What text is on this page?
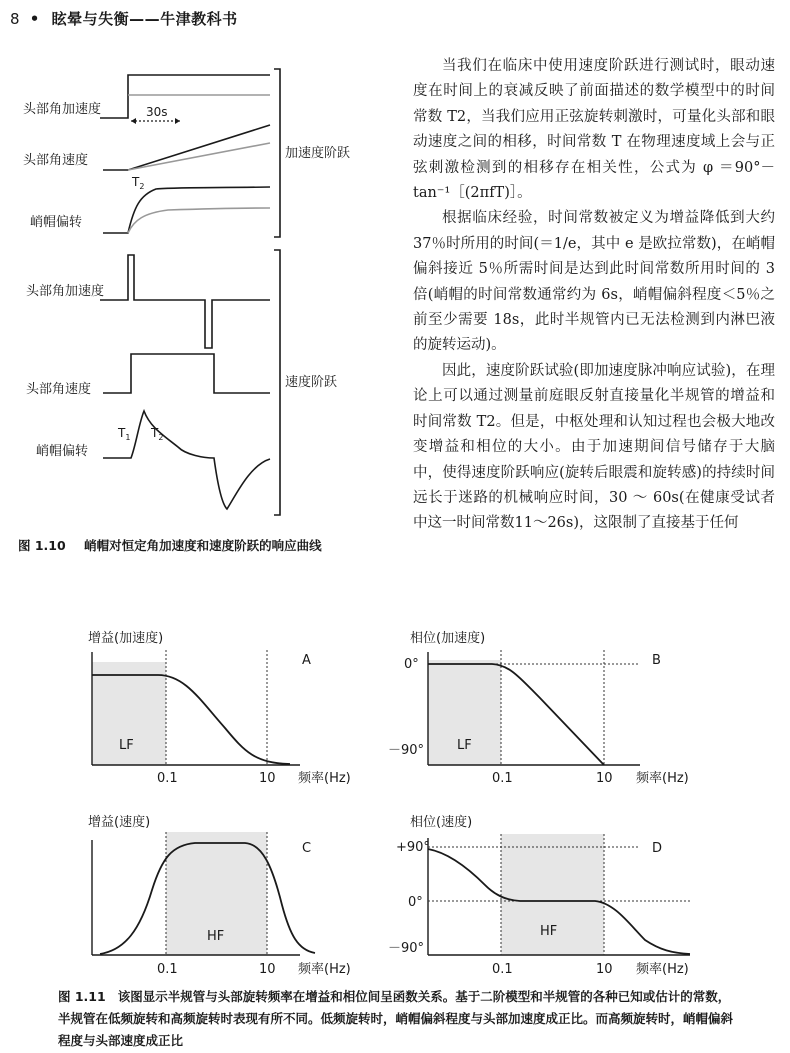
8 • 眩晕与失衡——牛津教科书
头部角加速度
头部角速度
峭帽偏转
头部角加速度
头部角速度
峭帽偏转
30s
加速度阶跃
速度阶跃
$T_2$
$T_1$ $T_2$
图 1.10 峭帽对恒定角加速度和速度阶跃的响应曲线

当我们在临床中使用速度阶跃进行测试时，眼动速度在时间上的衰减反映了前面描述的数学模型中的时间常数 T2，当我们应用正弦旋转刺激时，可量化头部和眼动速度之间的相移，时间常数 T 在物理速度域上会与正弦刺激检测到的相移存在相关性，公式为 φ ＝90°－tan⁻¹［(2πfT)］。

根据临床经验，时间常数被定义为增益降低到大约 37％时所用的时间(＝1/e，其中 e 是欧拉常数)，在峭帽偏斜接近 5％所需时间是达到此时间常数所用时间的 3 倍(峭帽的时间常数通常约为 6s，峭帽偏斜程度＜5％之前至少需要 18s，此时半规管内已无法检测到内淋巴液的旋转运动)。

因此，速度阶跃试验(即加速度脉冲响应试验)，在理论上可以通过测量前庭眼反射直接量化半规管的增益和时间常数 T2。但是，中枢处理和认知过程也会极大地改变增益和相位的大小。由于加速期间信号储存于大脑中，使得速度阶跃响应(旋转后眼震和旋转感)的持续时间远长于迷路的机械响应时间，30 ～ 60s(在健康受试者中这一时间常数11～26s)，这限制了直接基于任何

增益(加速度)
A
LF
0.1	10 频率(Hz)
相位(加速度)
B
LF
0°
－90°
0.1	10 频率(Hz)
增益(速度)
C
HF
0.1	10 频率(Hz)
相位(速度)
D
HF
+90°
0°
－90°
0.1	10 频率(Hz)
图 1.11 该图显示半规管与头部旋转频率在增益和相位间呈函数关系。基于二阶模型和半规管的各种已知或估计的常数，半规管在低频旋转和高频旋转时表现有所不同。低频旋转时，峭帽偏斜程度与头部加速度成正比。而高频旋转时，峭帽偏斜程度与头部速度成正比
